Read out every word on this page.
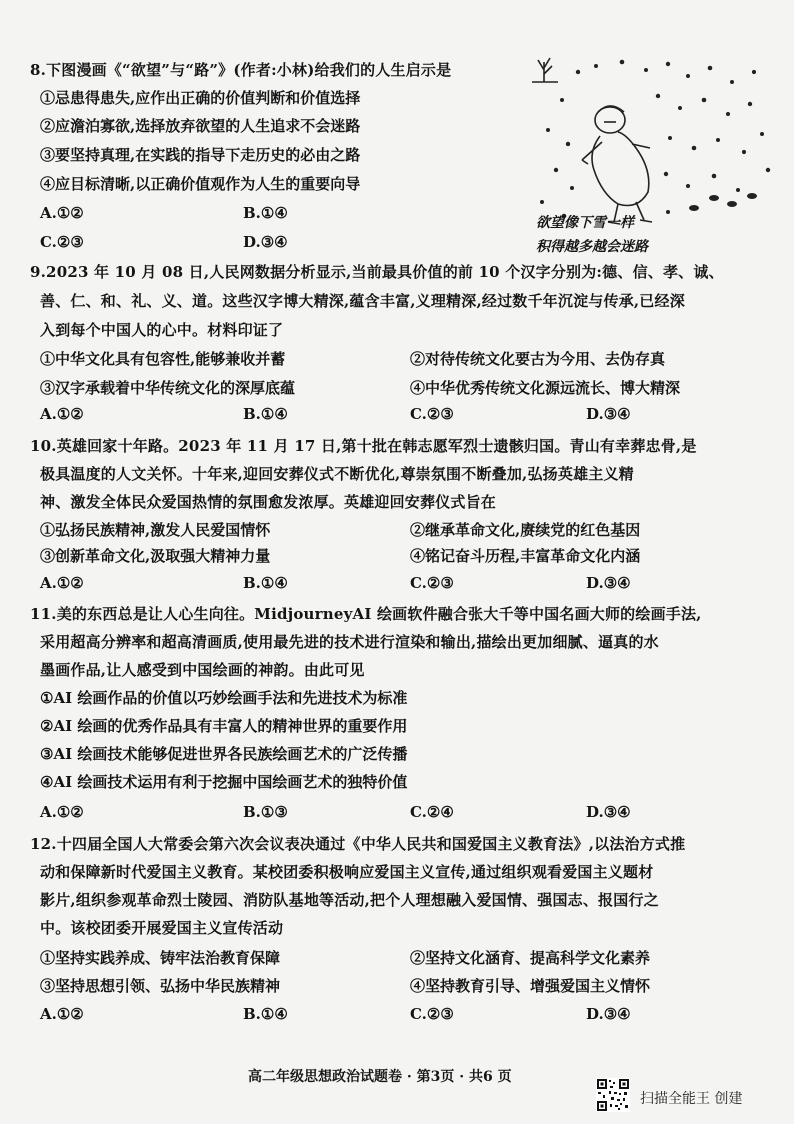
8.下图漫画《“欲望”与“路”》(作者:小林)给我们的人生启示是
①忌患得患失,应作出正确的价值判断和价值选择
②应澹泊寡欲,选择放弃欲望的人生追求不会迷路
③要坚持真理,在实践的指导下走历史的必由之路
④应目标清晰,以正确价值观作为人生的重要向导
A.①②	B.①④
C.②③	D.③④
欲望像下雪一样
积得越多越会迷路
9.2023 年 10 月 08 日,人民网数据分析显示,当前最具价值的前 10 个汉字分别为:德、信、孝、诚、
善、仁、和、礼、义、道。这些汉字博大精深,蕴含丰富,义理精深,经过数千年沉淀与传承,已经深
入到每个中国人的心中。材料印证了
①中华文化具有包容性,能够兼收并蓄	②对待传统文化要古为今用、去伪存真
③汉字承载着中华传统文化的深厚底蕴	④中华优秀传统文化源远流长、博大精深
A.①②	B.①④	C.②③	D.③④
10.英雄回家十年路。2023 年 11 月 17 日,第十批在韩志愿军烈士遗骸归国。青山有幸葬忠骨,是
极具温度的人文关怀。十年来,迎回安葬仪式不断优化,尊崇氛围不断叠加,弘扬英雄主义精
神、激发全体民众爱国热情的氛围愈发浓厚。英雄迎回安葬仪式旨在
①弘扬民族精神,激发人民爱国情怀	②继承革命文化,赓续党的红色基因
③创新革命文化,汲取强大精神力量	④铭记奋斗历程,丰富革命文化内涵
A.①②	B.①④	C.②③	D.③④
11.美的东西总是让人心生向往。MidjourneyAI 绘画软件融合张大千等中国名画大师的绘画手法,
采用超高分辨率和超高清画质,使用最先进的技术进行渲染和输出,描绘出更加细腻、逼真的水
墨画作品,让人感受到中国绘画的神韵。由此可见
①AI 绘画作品的价值以巧妙绘画手法和先进技术为标准
②AI 绘画的优秀作品具有丰富人的精神世界的重要作用
③AI 绘画技术能够促进世界各民族绘画艺术的广泛传播
④AI 绘画技术运用有利于挖掘中国绘画艺术的独特价值
A.①②	B.①③	C.②④	D.③④
12.十四届全国人大常委会第六次会议表决通过《中华人民共和国爱国主义教育法》,以法治方式推
动和保障新时代爱国主义教育。某校团委积极响应爱国主义宣传,通过组织观看爱国主义题材
影片,组织参观革命烈士陵园、消防队基地等活动,把个人理想融入爱国情、强国志、报国行之
中。该校团委开展爱国主义宣传活动
①坚持实践养成、铸牢法治教育保障	②坚持文化涵育、提高科学文化素养
③坚持思想引领、弘扬中华民族精神	④坚持教育引导、增强爱国主义情怀
A.①②	B.①④	C.②③	D.③④
高二年级思想政治试题卷 · 第3页 · 共6 页
扫描全能王 创建
